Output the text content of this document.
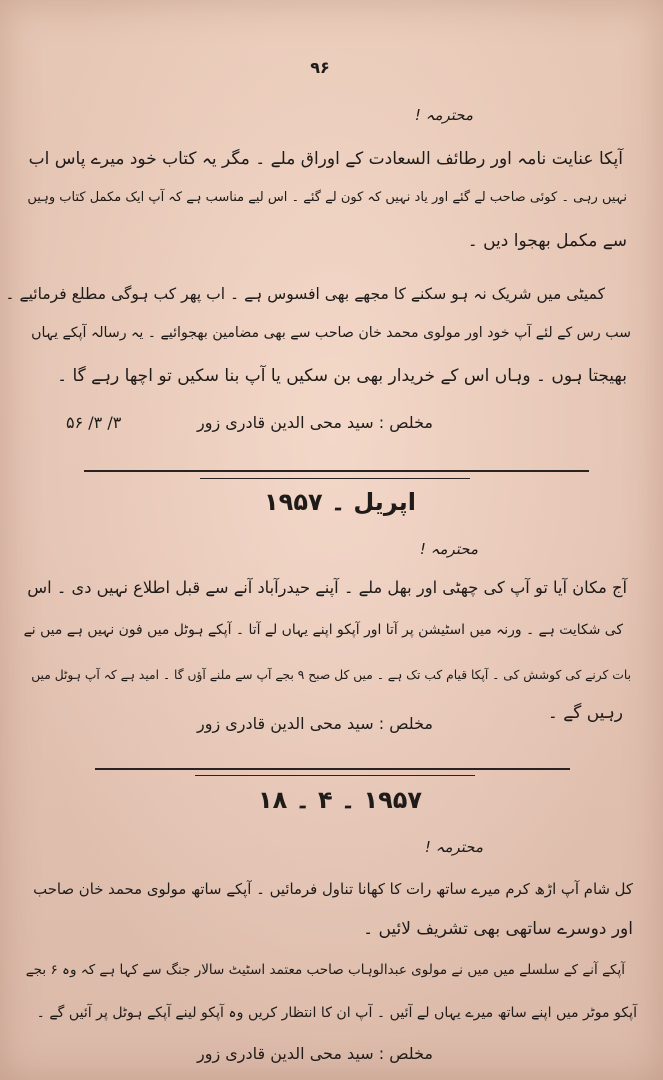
۹۶
محترمہ !
آپکا عنایت نامہ اور رطائف السعادت کے اوراق ملے ۔ مگر یہ کتاب خود میرے پاس اب
نہیں رہی ۔ کوئی صاحب لے گئے اور یاد نہیں کہ کون لے گئے ۔ اس لیے مناسب ہے کہ آپ ایک مکمل کتاب وہیں
سے مکمل بھجوا دیں ۔
کمیٹی میں شریک نہ ہو سکنے کا مجھے بھی افسوس ہے ۔ اب پھر کب ہوگی مطلع فرمائیے ۔
سب رس کے لئے آپ خود اور مولوی محمد خان صاحب سے بھی مضامین بھجوائیے ۔ یہ رسالہ آپکے یہاں
بھیجتا ہوں ۔ وہاں اس کے خریدار بھی بن سکیں یا آپ بنا سکیں تو اچھا رہے گا ۔
مخلص : سید محی الدین قادری زور
۵۶ /۳ /۳
اپریل ۔ ۱۹۵۷
محترمہ !
آج مکان آیا تو آپ کی چھٹی اور بھل ملے ۔ آپنے حیدرآباد آنے سے قبل اطلاع نہیں دی ۔ اس
کی شکایت ہے ۔ ورنہ میں اسٹیشن پر آتا اور آپکو اپنے یہاں لے آتا ۔ آپکے ہوٹل میں فون نہیں ہے میں نے
بات کرنے کی کوشش کی ۔ آپکا قیام کب تک ہے ۔ میں کل صبح ۹ بجے آپ سے ملنے آؤں گا ۔ امید ہے کہ آپ ہوٹل میں
رہیں گے ۔
مخلص : سید محی الدین قادری زور
۱۹۵۷ ۔ ۴ ۔ ۱۸
محترمہ !
کل شام آپ اڑھ کرم میرے ساتھ رات کا کھانا تناول فرمائیں ۔ آپکے ساتھ مولوی محمد خان صاحب
اور دوسرے ساتھی بھی تشریف لائیں ۔
آپکے آنے کے سلسلے میں میں نے مولوی عبدالوہاب صاحب معتمد اسٹیٹ سالار جنگ سے کہا ہے کہ وہ ۶ بجے
آپکو موٹر میں اپنے ساتھ میرے یہاں لے آئیں ۔ آپ ان کا انتظار کریں وہ آپکو لینے آپکے ہوٹل پر آئیں گے ۔
مخلص : سید محی الدین قادری زور
